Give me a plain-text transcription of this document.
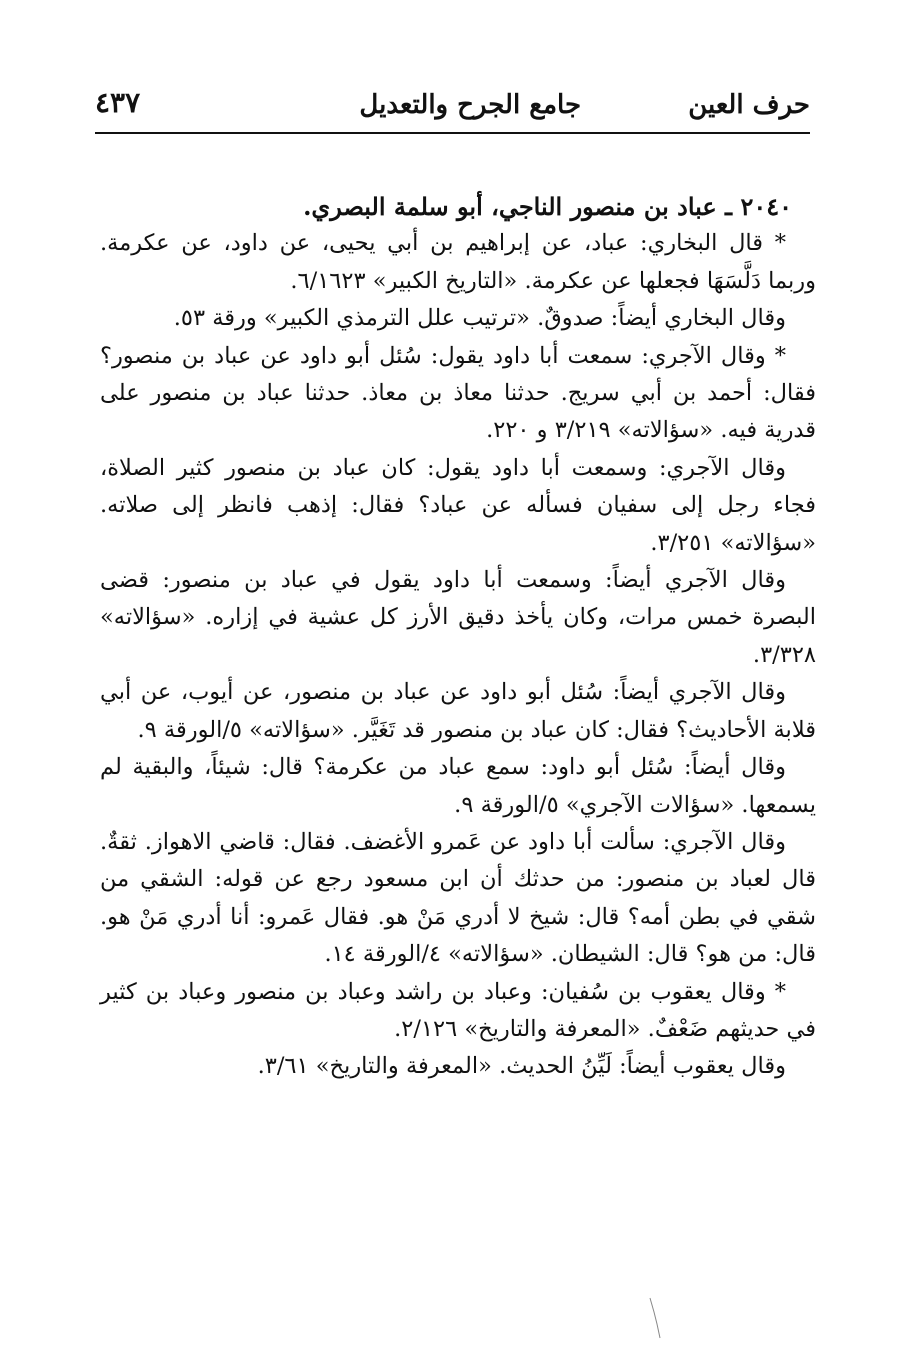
حرف العين
جامع الجرح والتعديل
٤٣٧

٢٠٤٠ ـ عباد بن منصور الناجي، أبو سلمة البصري.

* قال البخاري: عباد، عن إبراهيم بن أبي يحيى، عن داود، عن عكرمة. وربما دَلَّسَهَا فجعلها عن عكرمة. «التاريخ الكبير» ٦/١٦٢٣.

وقال البخاري أيضاً: صدوقٌ. «ترتيب علل الترمذي الكبير» ورقة ٥٣.

* وقال الآجري: سمعت أبا داود يقول: سُئل أبو داود عن عباد بن منصور؟ فقال: أحمد بن أبي سريج. حدثنا معاذ بن معاذ. حدثنا عباد بن منصور على قدرية فيه. «سؤالاته» ٣/٢١٩ و ٢٢٠.

وقال الآجري: وسمعت أبا داود يقول: كان عباد بن منصور كثير الصلاة، فجاء رجل إلى سفيان فسأله عن عباد؟ فقال: إذهب فانظر إلى صلاته. «سؤالاته» ٣/٢٥١.

وقال الآجري أيضاً: وسمعت أبا داود يقول في عباد بن منصور: قضى البصرة خمس مرات، وكان يأخذ دقيق الأرز كل عشية في إزاره. «سؤالاته» ٣/٣٢٨.

وقال الآجري أيضاً: سُئل أبو داود عن عباد بن منصور، عن أيوب، عن أبي قلابة الأحاديث؟ فقال: كان عباد بن منصور قد تَغَيَّر. «سؤالاته» ٥/الورقة ٩.

وقال أيضاً: سُئل أبو داود: سمع عباد من عكرمة؟ قال: شيئاً، والبقية لم يسمعها. «سؤالات الآجري» ٥/الورقة ٩.

وقال الآجري: سألت أبا داود عن عَمرو الأغضف. فقال: قاضي الاهواز. ثقةٌ. قال لعباد بن منصور: من حدثك أن ابن مسعود رجع عن قوله: الشقي من شقي في بطن أمه؟ قال: شيخ لا أدري مَنْ هو. فقال عَمرو: أنا أدري مَنْ هو. قال: من هو؟ قال: الشيطان. «سؤالاته» ٤/الورقة ١٤.

* وقال يعقوب بن سُفيان: وعباد بن راشد وعباد بن منصور وعباد بن كثير في حديثهم ضَعْفٌ. «المعرفة والتاريخ» ٢/١٢٦.

وقال يعقوب أيضاً: لَيِّنُ الحديث. «المعرفة والتاريخ» ٣/٦١.
